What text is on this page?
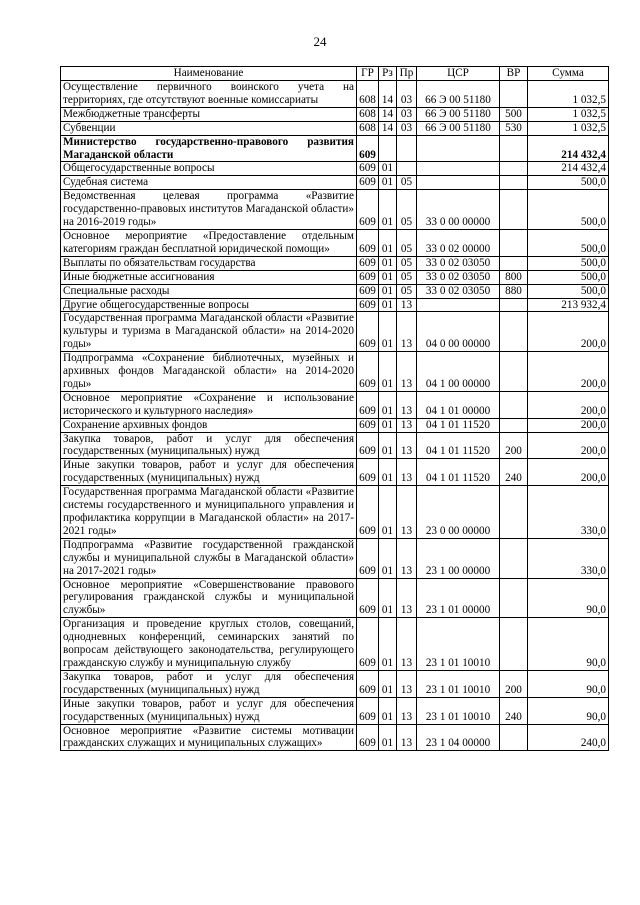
24
Наименование	ГР	Рз	Пр	ЦСР	ВР	Сумма
Осуществление первичного воинского учета на территориях, где отсутствуют военные комиссариаты	608	14	03	66 Э 00 51180		1 032,5
Межбюджетные трансферты	608	14	03	66 Э 00 51180	500	1 032,5
Субвенции	608	14	03	66 Э 00 51180	530	1 032,5
Министерство государственно-правового развития Магаданской области	609					214 432,4
Общегосударственные вопросы	609	01				214 432,4
Судебная система	609	01	05			500,0
Ведомственная целевая программа «Развитие государственно-правовых институтов Магаданской области» на 2016-2019 годы»	609	01	05	33 0 00 00000		500,0
Основное мероприятие «Предоставление отдельным категориям граждан бесплатной юридической помощи»	609	01	05	33 0 02 00000		500,0
Выплаты по обязательствам государства	609	01	05	33 0 02 03050		500,0
Иные бюджетные ассигнования	609	01	05	33 0 02 03050	800	500,0
Специальные расходы	609	01	05	33 0 02 03050	880	500,0
Другие общегосударственные вопросы	609	01	13			213 932,4
Государственная программа Магаданской области «Развитие культуры и туризма в Магаданской области» на 2014-2020 годы»	609	01	13	04 0 00 00000		200,0
Подпрограмма «Сохранение библиотечных, музейных и архивных фондов Магаданской области» на 2014-2020 годы»	609	01	13	04 1 00 00000		200,0
Основное мероприятие «Сохранение и использование исторического и культурного наследия»	609	01	13	04 1 01 00000		200,0
Сохранение архивных фондов	609	01	13	04 1 01 11520		200,0
Закупка товаров, работ и услуг для обеспечения государственных (муниципальных) нужд	609	01	13	04 1 01 11520	200	200,0
Иные закупки товаров, работ и услуг для обеспечения государственных (муниципальных) нужд	609	01	13	04 1 01 11520	240	200,0
Государственная программа Магаданской области «Развитие системы государственного и муниципального управления и профилактика коррупции в Магаданской области» на 2017-2021 годы»	609	01	13	23 0 00 00000		330,0
Подпрограмма «Развитие государственной гражданской службы и муниципальной службы в Магаданской области» на 2017-2021 годы»	609	01	13	23 1 00 00000		330,0
Основное мероприятие «Совершенствование правового регулирования гражданской службы и муниципальной службы»	609	01	13	23 1 01 00000		90,0
Организация и проведение круглых столов, совещаний, однодневных конференций, семинарских занятий по вопросам действующего законодательства, регулирующего гражданскую службу и муниципальную службу	609	01	13	23 1 01 10010		90,0
Закупка товаров, работ и услуг для обеспечения государственных (муниципальных) нужд	609	01	13	23 1 01 10010	200	90,0
Иные закупки товаров, работ и услуг для обеспечения государственных (муниципальных) нужд	609	01	13	23 1 01 10010	240	90,0
Основное мероприятие «Развитие системы мотивации гражданских служащих и муниципальных служащих»	609	01	13	23 1 04 00000		240,0
